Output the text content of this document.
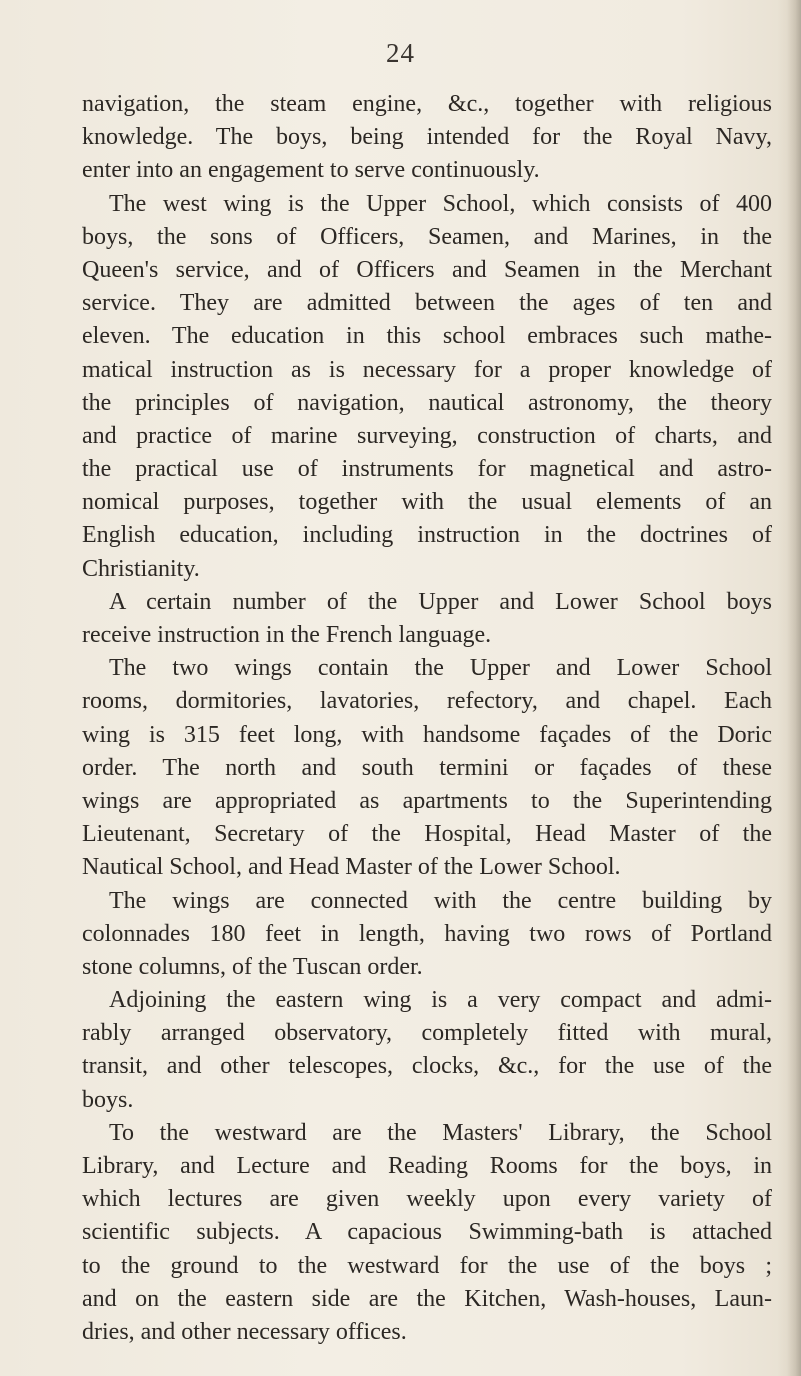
24
navigation, the steam engine, &c., together with religious
knowledge. The boys, being intended for the Royal Navy,
enter into an engagement to serve continuously.
The west wing is the Upper School, which consists of 400
boys, the sons of Officers, Seamen, and Marines, in the
Queen's service, and of Officers and Seamen in the Merchant
service. They are admitted between the ages of ten and
eleven. The education in this school embraces such mathe-
matical instruction as is necessary for a proper knowledge of
the principles of navigation, nautical astronomy, the theory
and practice of marine surveying, construction of charts, and
the practical use of instruments for magnetical and astro-
nomical purposes, together with the usual elements of an
English education, including instruction in the doctrines of
Christianity.
A certain number of the Upper and Lower School boys
receive instruction in the French language.
The two wings contain the Upper and Lower School
rooms, dormitories, lavatories, refectory, and chapel. Each
wing is 315 feet long, with handsome façades of the Doric
order. The north and south termini or façades of these
wings are appropriated as apartments to the Superintending
Lieutenant, Secretary of the Hospital, Head Master of the
Nautical School, and Head Master of the Lower School.
The wings are connected with the centre building by
colonnades 180 feet in length, having two rows of Portland
stone columns, of the Tuscan order.
Adjoining the eastern wing is a very compact and admi-
rably arranged observatory, completely fitted with mural,
transit, and other telescopes, clocks, &c., for the use of the
boys.
To the westward are the Masters' Library, the School
Library, and Lecture and Reading Rooms for the boys, in
which lectures are given weekly upon every variety of
scientific subjects. A capacious Swimming-bath is attached
to the ground to the westward for the use of the boys ;
and on the eastern side are the Kitchen, Wash-houses, Laun-
dries, and other necessary offices.
